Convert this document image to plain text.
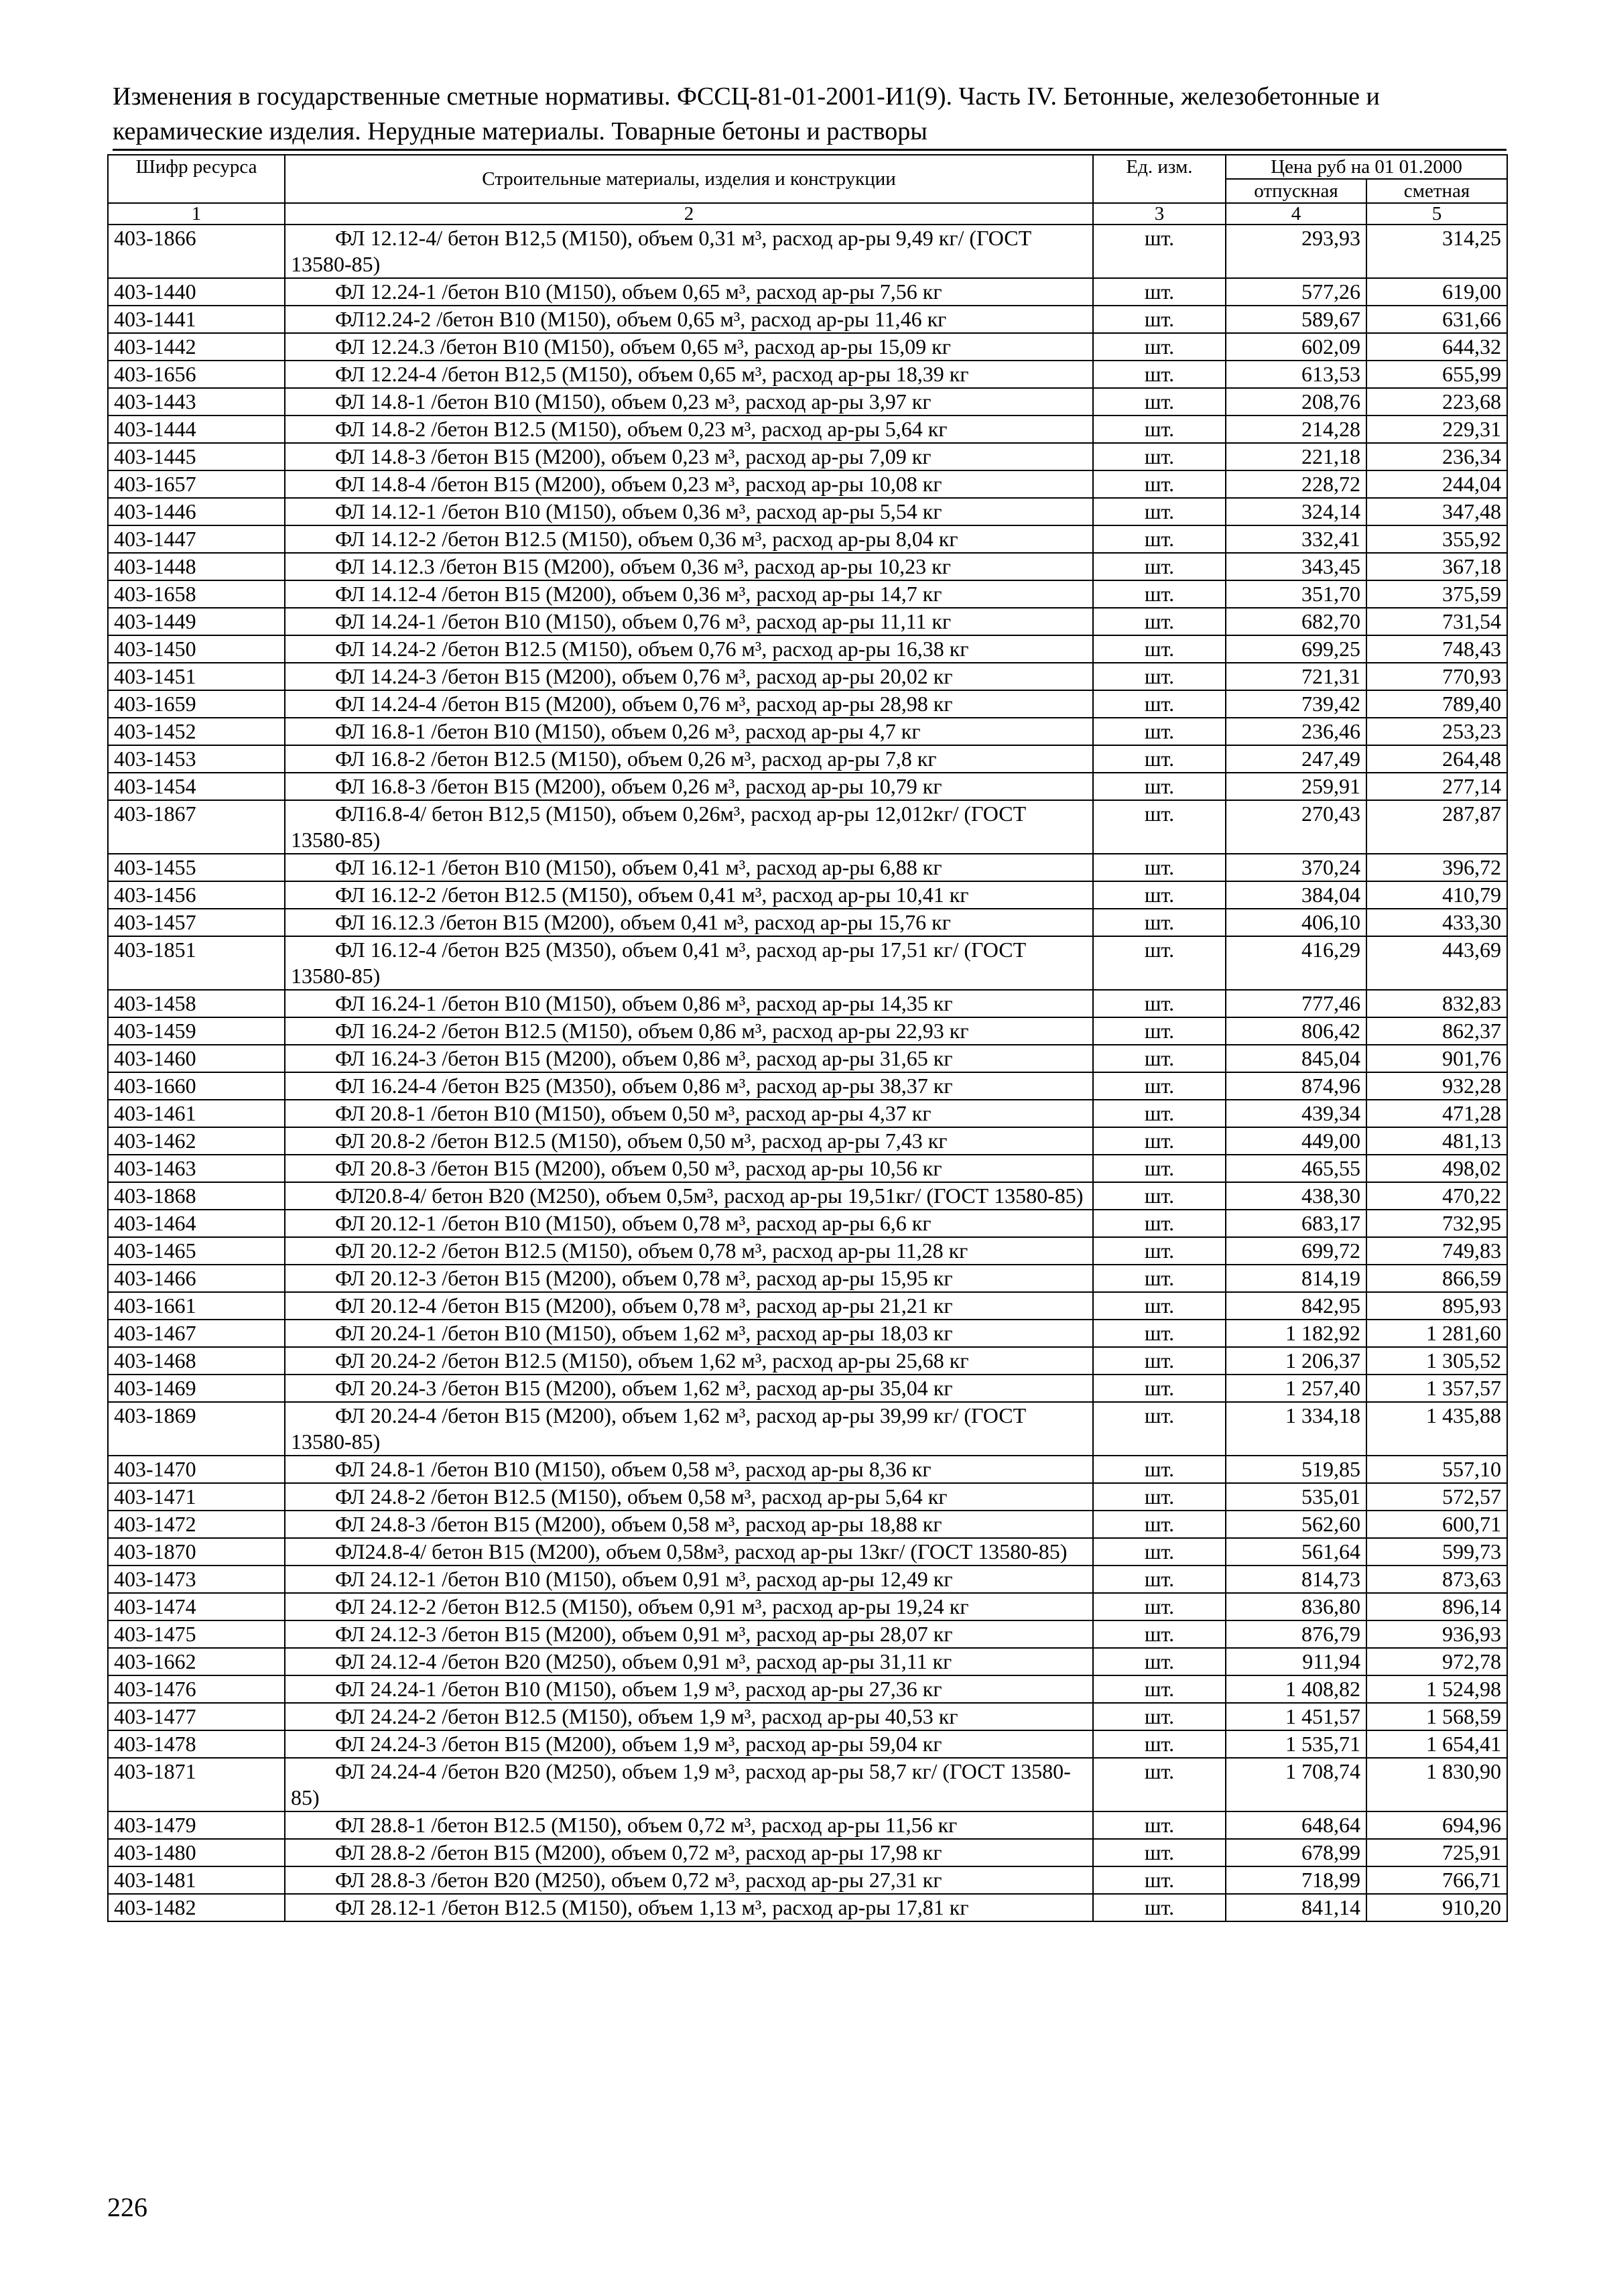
Изменения в государственные сметные нормативы. ФССЦ-81-01-2001-И1(9). Часть IV. Бетонные, железобетонные и
керамические изделия. Нерудные материалы. Товарные бетоны и растворы
Шифр ресурса	Строительные материалы, изделия и конструкции	Ед. изм.	Цена руб на 01 01.2000	
			отпускная	сметная
1	2	3	4	5
403-1866	ФЛ 12.12-4/ бетон В12,5 (М150), объем 0,31 м³, расход ар-ры 9,49 кг/ (ГОСТ 13580-85)	шт.	293,93	314,25
403-1440	ФЛ 12.24-1 /бетон В10 (М150), объем 0,65 м³, расход ар-ры 7,56 кг	шт.	577,26	619,00
403-1441	ФЛ12.24-2 /бетон В10 (М150), объем 0,65 м³, расход ар-ры 11,46 кг	шт.	589,67	631,66
403-1442	ФЛ 12.24.3 /бетон В10 (М150), объем 0,65 м³, расход ар-ры 15,09 кг	шт.	602,09	644,32
403-1656	ФЛ 12.24-4 /бетон В12,5 (М150), объем 0,65 м³, расход ар-ры 18,39 кг	шт.	613,53	655,99
403-1443	ФЛ 14.8-1 /бетон В10 (М150), объем 0,23 м³, расход ар-ры 3,97 кг	шт.	208,76	223,68
403-1444	ФЛ 14.8-2 /бетон В12.5 (М150), объем 0,23 м³, расход ар-ры 5,64 кг	шт.	214,28	229,31
403-1445	ФЛ 14.8-3 /бетон В15 (М200), объем 0,23 м³, расход ар-ры 7,09 кг	шт.	221,18	236,34
403-1657	ФЛ 14.8-4 /бетон В15 (М200), объем 0,23 м³, расход ар-ры 10,08 кг	шт.	228,72	244,04
403-1446	ФЛ 14.12-1 /бетон В10 (М150), объем 0,36 м³, расход ар-ры 5,54 кг	шт.	324,14	347,48
403-1447	ФЛ 14.12-2 /бетон В12.5 (М150), объем 0,36 м³, расход ар-ры 8,04 кг	шт.	332,41	355,92
403-1448	ФЛ 14.12.3 /бетон В15 (М200), объем 0,36 м³, расход ар-ры 10,23 кг	шт.	343,45	367,18
403-1658	ФЛ 14.12-4 /бетон В15 (М200), объем 0,36 м³, расход ар-ры 14,7 кг	шт.	351,70	375,59
403-1449	ФЛ 14.24-1 /бетон В10 (М150), объем 0,76 м³, расход ар-ры 11,11 кг	шт.	682,70	731,54
403-1450	ФЛ 14.24-2 /бетон В12.5 (М150), объем 0,76 м³, расход ар-ры 16,38 кг	шт.	699,25	748,43
403-1451	ФЛ 14.24-3 /бетон В15 (М200), объем 0,76 м³, расход ар-ры 20,02 кг	шт.	721,31	770,93
403-1659	ФЛ 14.24-4 /бетон В15 (М200), объем 0,76 м³, расход ар-ры 28,98 кг	шт.	739,42	789,40
403-1452	ФЛ 16.8-1 /бетон В10 (М150), объем 0,26 м³, расход ар-ры 4,7 кг	шт.	236,46	253,23
403-1453	ФЛ 16.8-2 /бетон В12.5 (М150), объем 0,26 м³, расход ар-ры 7,8 кг	шт.	247,49	264,48
403-1454	ФЛ 16.8-3 /бетон В15 (М200), объем 0,26 м³, расход ар-ры 10,79 кг	шт.	259,91	277,14
403-1867	ФЛ16.8-4/ бетон В12,5 (М150), объем 0,26м³, расход ар-ры 12,012кг/ (ГОСТ 13580-85)	шт.	270,43	287,87
403-1455	ФЛ 16.12-1 /бетон В10 (М150), объем 0,41 м³, расход ар-ры 6,88 кг	шт.	370,24	396,72
403-1456	ФЛ 16.12-2 /бетон В12.5 (М150), объем 0,41 м³, расход ар-ры 10,41 кг	шт.	384,04	410,79
403-1457	ФЛ 16.12.3 /бетон В15 (М200), объем 0,41 м³, расход ар-ры 15,76 кг	шт.	406,10	433,30
403-1851	ФЛ 16.12-4 /бетон В25 (М350), объем 0,41 м³, расход ар-ры 17,51 кг/ (ГОСТ 13580-85)	шт.	416,29	443,69
403-1458	ФЛ 16.24-1 /бетон В10 (М150), объем 0,86 м³, расход ар-ры 14,35 кг	шт.	777,46	832,83
403-1459	ФЛ 16.24-2 /бетон В12.5 (М150), объем 0,86 м³, расход ар-ры 22,93 кг	шт.	806,42	862,37
403-1460	ФЛ 16.24-3 /бетон В15 (М200), объем 0,86 м³, расход ар-ры 31,65 кг	шт.	845,04	901,76
403-1660	ФЛ 16.24-4 /бетон В25 (М350), объем 0,86 м³, расход ар-ры 38,37 кг	шт.	874,96	932,28
403-1461	ФЛ 20.8-1 /бетон В10 (М150), объем 0,50 м³, расход ар-ры 4,37 кг	шт.	439,34	471,28
403-1462	ФЛ 20.8-2 /бетон В12.5 (М150), объем 0,50 м³, расход ар-ры 7,43 кг	шт.	449,00	481,13
403-1463	ФЛ 20.8-3 /бетон В15 (М200), объем 0,50 м³, расход ар-ры 10,56 кг	шт.	465,55	498,02
403-1868	ФЛ20.8-4/ бетон В20 (М250), объем 0,5м³, расход ар-ры 19,51кг/ (ГОСТ 13580-85)	шт.	438,30	470,22
403-1464	ФЛ 20.12-1 /бетон В10 (М150), объем 0,78 м³, расход ар-ры 6,6 кг	шт.	683,17	732,95
403-1465	ФЛ 20.12-2 /бетон В12.5 (М150), объем 0,78 м³, расход ар-ры 11,28 кг	шт.	699,72	749,83
403-1466	ФЛ 20.12-3 /бетон В15 (М200), объем 0,78 м³, расход ар-ры 15,95 кг	шт.	814,19	866,59
403-1661	ФЛ 20.12-4 /бетон В15 (М200), объем 0,78 м³, расход ар-ры 21,21 кг	шт.	842,95	895,93
403-1467	ФЛ 20.24-1 /бетон В10 (М150), объем 1,62 м³, расход ар-ры 18,03 кг	шт.	1 182,92	1 281,60
403-1468	ФЛ 20.24-2 /бетон В12.5 (М150), объем 1,62 м³, расход ар-ры 25,68 кг	шт.	1 206,37	1 305,52
403-1469	ФЛ 20.24-3 /бетон В15 (М200), объем 1,62 м³, расход ар-ры 35,04 кг	шт.	1 257,40	1 357,57
403-1869	ФЛ 20.24-4 /бетон В15 (М200), объем 1,62 м³, расход ар-ры 39,99 кг/ (ГОСТ 13580-85)	шт.	1 334,18	1 435,88
403-1470	ФЛ 24.8-1 /бетон В10 (М150), объем 0,58 м³, расход ар-ры 8,36 кг	шт.	519,85	557,10
403-1471	ФЛ 24.8-2 /бетон В12.5 (М150), объем 0,58 м³, расход ар-ры 5,64 кг	шт.	535,01	572,57
403-1472	ФЛ 24.8-3 /бетон В15 (М200), объем 0,58 м³, расход ар-ры 18,88 кг	шт.	562,60	600,71
403-1870	ФЛ24.8-4/ бетон В15 (М200), объем 0,58м³, расход ар-ры 13кг/ (ГОСТ 13580-85)	шт.	561,64	599,73
403-1473	ФЛ 24.12-1 /бетон В10 (М150), объем 0,91 м³, расход ар-ры 12,49 кг	шт.	814,73	873,63
403-1474	ФЛ 24.12-2 /бетон В12.5 (М150), объем 0,91 м³, расход ар-ры 19,24 кг	шт.	836,80	896,14
403-1475	ФЛ 24.12-3 /бетон В15 (М200), объем 0,91 м³, расход ар-ры 28,07 кг	шт.	876,79	936,93
403-1662	ФЛ 24.12-4 /бетон В20 (М250), объем 0,91 м³, расход ар-ры 31,11 кг	шт.	911,94	972,78
403-1476	ФЛ 24.24-1 /бетон В10 (М150), объем 1,9 м³, расход ар-ры 27,36 кг	шт.	1 408,82	1 524,98
403-1477	ФЛ 24.24-2 /бетон В12.5 (М150), объем 1,9 м³, расход ар-ры 40,53 кг	шт.	1 451,57	1 568,59
403-1478	ФЛ 24.24-3 /бетон В15 (М200), объем 1,9 м³, расход ар-ры 59,04 кг	шт.	1 535,71	1 654,41
403-1871	ФЛ 24.24-4 /бетон В20 (М250), объем 1,9 м³, расход ар-ры 58,7 кг/ (ГОСТ 13580-85)	шт.	1 708,74	1 830,90
403-1479	ФЛ 28.8-1 /бетон В12.5 (М150), объем 0,72 м³, расход ар-ры 11,56 кг	шт.	648,64	694,96
403-1480	ФЛ 28.8-2 /бетон В15 (М200), объем 0,72 м³, расход ар-ры 17,98 кг	шт.	678,99	725,91
403-1481	ФЛ 28.8-3 /бетон В20 (М250), объем 0,72 м³, расход ар-ры 27,31 кг	шт.	718,99	766,71
403-1482	ФЛ 28.12-1 /бетон В12.5 (М150), объем 1,13 м³, расход ар-ры 17,81 кг	шт.	841,14	910,20
226
